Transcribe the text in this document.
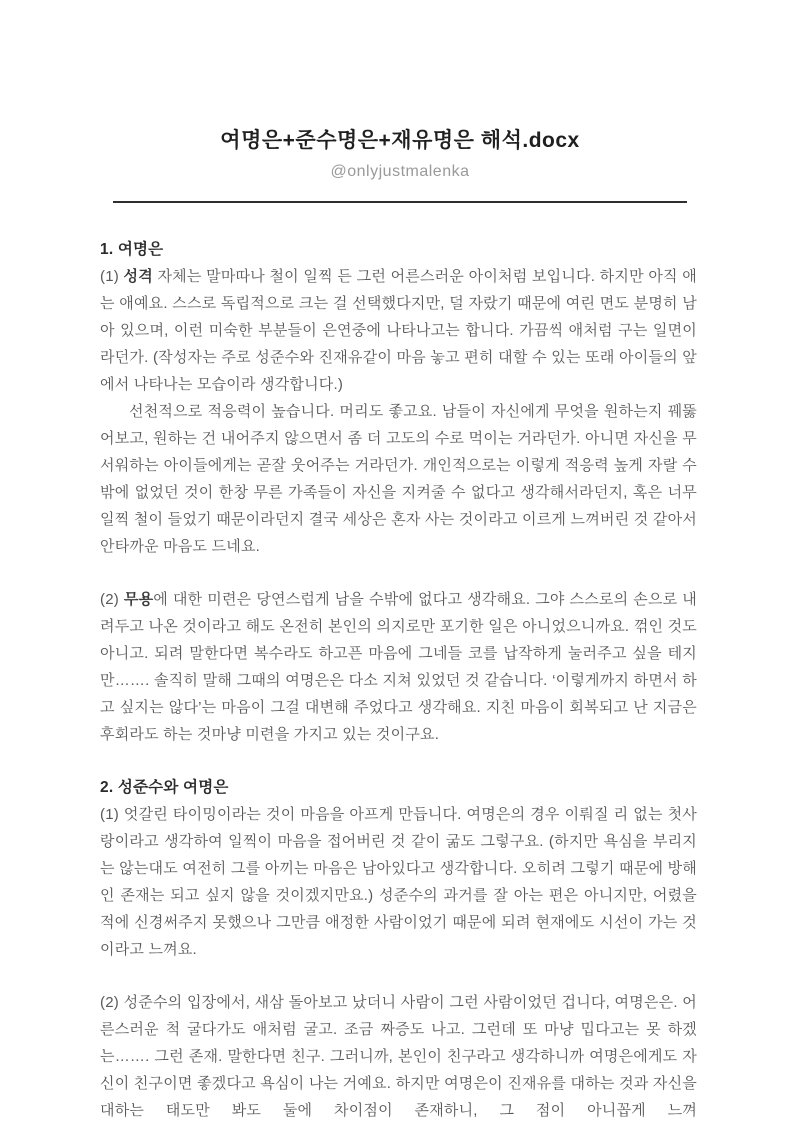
여명은+준수명은+재유명은 해석.docx
@onlyjustmalenka
1. 여명은

(1) 성격 자체는 말마따나 철이 일찍 든 그런 어른스러운 아이처럼 보입니다. 하지만 아직 애는 애예요. 스스로 독립적으로 크는 걸 선택했다지만, 덜 자랐기 때문에 여린 면도 분명히 남아 있으며, 이런 미숙한 부분들이 은연중에 나타나고는 합니다. 가끔씩 애처럼 구는 일면이라던가. (작성자는 주로 성준수와 진재유같이 마음 놓고 편히 대할 수 있는 또래 아이들의 앞에서 나타나는 모습이라 생각합니다.)

선천적으로 적응력이 높습니다. 머리도 좋고요. 남들이 자신에게 무엇을 원하는지 꿰뚫어보고, 원하는 건 내어주지 않으면서 좀 더 고도의 수로 먹이는 거라던가. 아니면 자신을 무서워하는 아이들에게는 곧잘 웃어주는 거라던가. 개인적으로는 이렇게 적응력 높게 자랄 수밖에 없었던 것이 한창 무른 가족들이 자신을 지켜줄 수 없다고 생각해서라던지, 혹은 너무 일찍 철이 들었기 때문이라던지 결국 세상은 혼자 사는 것이라고 이르게 느껴버린 것 같아서 안타까운 마음도 드네요.

(2) 무용에 대한 미련은 당연스럽게 남을 수밖에 없다고 생각해요. 그야 스스로의 손으로 내려두고 나온 것이라고 해도 온전히 본인의 의지로만 포기한 일은 아니었으니까요. 꺾인 것도 아니고. 되려 말한다면 복수라도 하고픈 마음에 그네들 코를 납작하게 눌러주고 싶을 테지만……. 솔직히 말해 그때의 여명은은 다소 지쳐 있었던 것 같습니다. ‘이렇게까지 하면서 하고 싶지는 않다’는 마음이 그걸 대변해 주었다고 생각해요. 지친 마음이 회복되고 난 지금은 후회라도 하는 것마냥 미련을 가지고 있는 것이구요.

2. 성준수와 여명은

(1) 엇갈린 타이밍이라는 것이 마음을 아프게 만듭니다. 여명은의 경우 이뤄질 리 없는 첫사랑이라고 생각하여 일찍이 마음을 접어버린 것 같이 굶도 그렇구요. (하지만 욕심을 부리지는 않는대도 여전히 그를 아끼는 마음은 남아있다고 생각합니다. 오히려 그렇기 때문에 방해인 존재는 되고 싶지 않을 것이겠지만요.) 성준수의 과거를 잘 아는 편은 아니지만, 어렸을 적에 신경써주지 못했으나 그만큼 애정한 사람이었기 때문에 되려 현재에도 시선이 가는 것이라고 느껴요.

(2) 성준수의 입장에서, 새삼 돌아보고 났더니 사람이 그런 사람이었던 겁니다, 여명은은. 어른스러운 척 굴다가도 애처럼 굴고. 조금 짜증도 나고. 그런데 또 마냥 밉다고는 못 하겠는……. 그런 존재. 말한다면 친구. 그러니까, 본인이 친구라고 생각하니까 여명은에게도 자신이 친구이면 좋겠다고 욕심이 나는 거예요. 하지만 여명은이 진재유를 대하는 것과 자신을 대하는 태도만 봐도 둘에 차이점이 존재하니, 그 점이 아니꼽게 느껴
